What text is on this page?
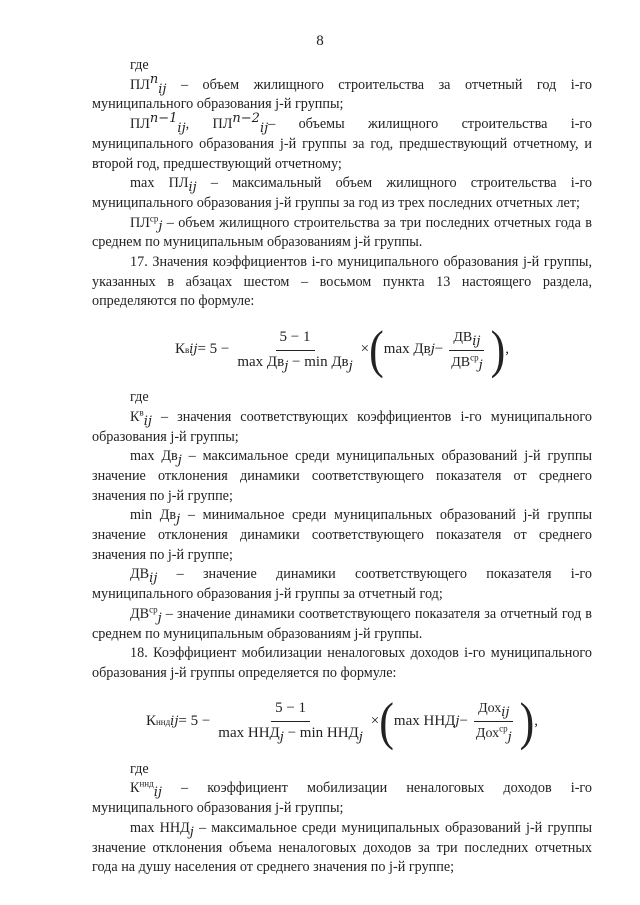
8

где

$ПЛ^n_{ij}$ – объем жилищного строительства за отчетный год i-го муниципального образования j-й группы;

$ПЛ^{n-1}_{ij}$, $ПЛ^{n-2}_{ij}-$ объемы жилищного строительства i-го муниципального образования j-й группы за год, предшествующий отчетному, и второй год, предшествующий отчетному;

$\max ПЛ_{ij}$ – максимальный объем жилищного строительства i-го муниципального образования j-й группы за год из трех последних отчетных лет;

$ПЛ^{ср}_j$ – объем жилищного строительства за три последних отчетных года в среднем по муниципальным образованиям j-й группы.

17. Значения коэффициентов i-го муниципального образования j-й группы, указанных в абзацах шестом – восьмом пункта 13 настоящего раздела, определяются по формуле:

К в ij = $5 - \frac{5 - 1}{\max Дв_j - \min Дв_j}$ × ( max Дв $j - \frac{ДВ_{ij}}{ДВ^{ср}_j}$ ) ,

где

$К^в_{ij}$ – значения соответствующих коэффициентов i-го муниципального образования j-й группы;

$\max Дв_j$ – максимальное среди муниципальных образований j-й группы значение отклонения динамики соответствующего показателя от среднего значения по j-й группе;

$\min Дв_j$ – минимальное среди муниципальных образований j-й группы значение отклонения динамики соответствующего показателя от среднего значения по j-й группе;

$ДВ_{ij}$ – значение динамики соответствующего показателя i-го муниципального образования j-й группы за отчетный год;

$ДВ^{ср}_j$ – значение динамики соответствующего показателя за отчетный год в среднем по муниципальным образованиям j-й группы.

18. Коэффициент мобилизации неналоговых доходов i-го муниципального образования j-й группы определяется по формуле:

К ннд ij = $5 - \frac{5 - 1}{\max ННД_j - \min ННД_j}$ × ( max ННД $j - \frac{Дох_{ij}}{Дох^{ср}_j}$ ) ,

где

$К^{ннд}_{ij}$ – коэффициент мобилизации неналоговых доходов i-го муниципального образования j-й группы;

$\max ННД_j$ – максимальное среди муниципальных образований j-й группы значение отклонения объема неналоговых доходов за три последних отчетных года на душу населения от среднего значения по j-й группе;
